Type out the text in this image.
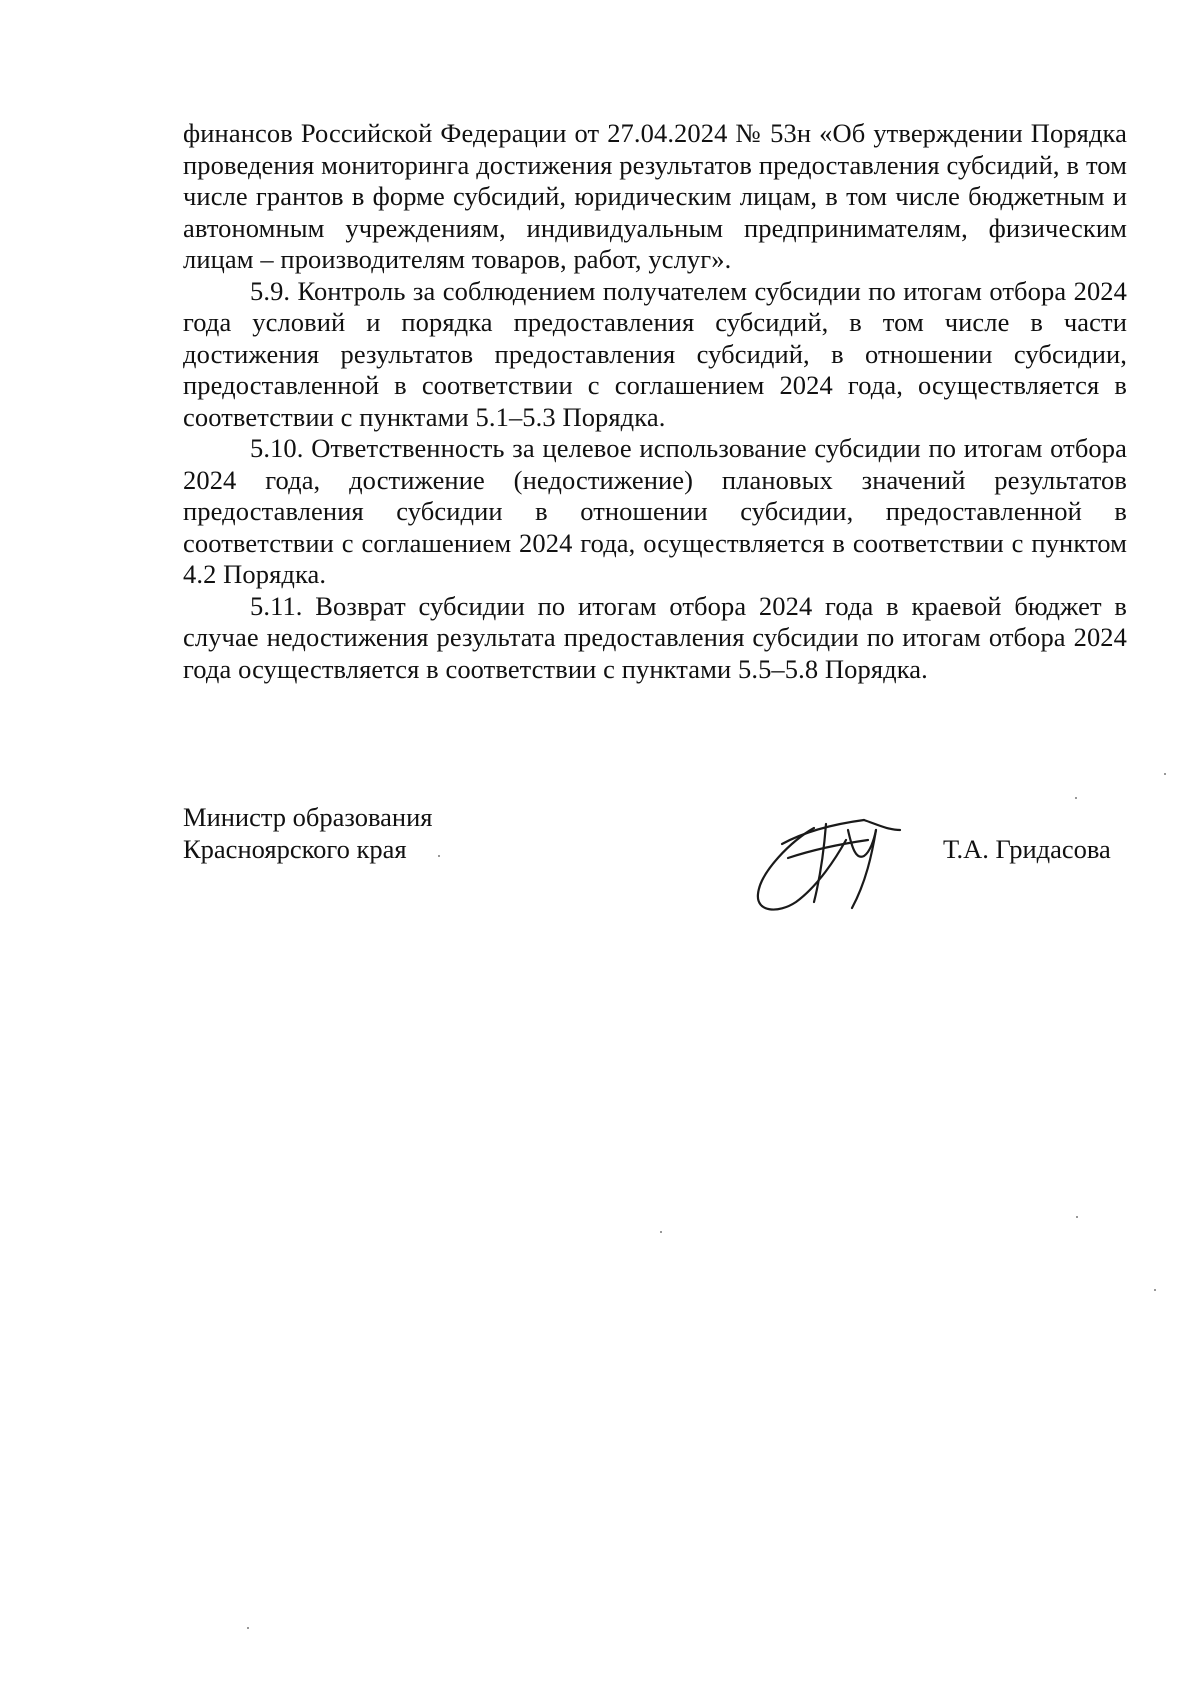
финансов Российской Федерации от 27.04.2024 № 53н «Об утверждении Порядка проведения мониторинга достижения результатов предоставления субсидий, в том числе грантов в форме субсидий, юридическим лицам, в том числе бюджетным и автономным учреждениям, индивидуальным предпринимателям, физическим лицам – производителям товаров, работ, услуг».

5.9. Контроль за соблюдением получателем субсидии по итогам отбора 2024 года условий и порядка предоставления субсидий, в том числе в части достижения результатов предоставления субсидий, в отношении субсидии, предоставленной в соответствии с соглашением 2024 года, осуществляется в соответствии с пунктами 5.1–5.3 Порядка.

5.10. Ответственность за целевое использование субсидии по итогам отбора 2024 года, достижение (недостижение) плановых значений результатов предоставления субсидии в отношении субсидии, предоставленной в соответствии с соглашением 2024 года, осуществляется в соответствии с пунктом 4.2 Порядка.

5.11. Возврат субсидии по итогам отбора 2024 года в краевой бюджет в случае недостижения результата предоставления субсидии по итогам отбора 2024 года осуществляется в соответствии с пунктами 5.5–5.8 Порядка.

Министр образования
Красноярского края	Т.А. Гридасова
